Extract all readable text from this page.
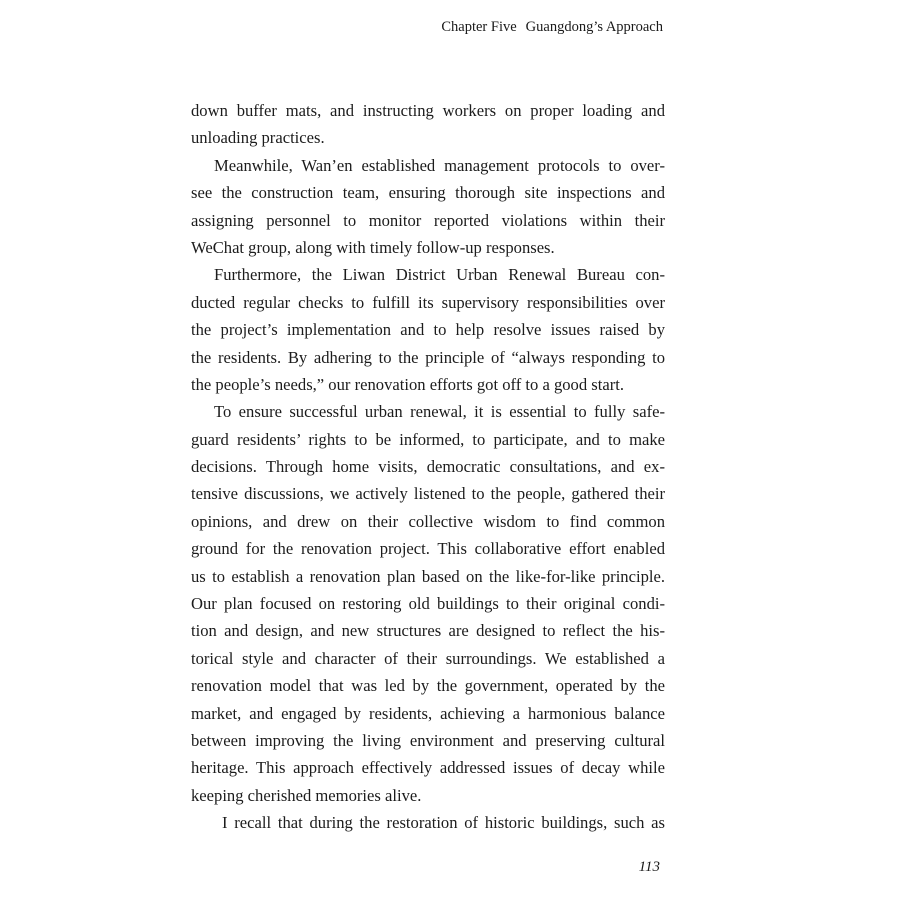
Chapter Five Guangdong’s Approach
down buffer mats, and instructing workers on proper loading and
unloading practices.
Meanwhile, Wan’en established management protocols to over-
see the construction team, ensuring thorough site inspections and
assigning personnel to monitor reported violations within their
WeChat group, along with timely follow-up responses.
Furthermore, the Liwan District Urban Renewal Bureau con-
ducted regular checks to fulfill its supervisory responsibilities over
the project’s implementation and to help resolve issues raised by
the residents. By adhering to the principle of “always responding to
the people’s needs,” our renovation efforts got off to a good start.
To ensure successful urban renewal, it is essential to fully safe-
guard residents’ rights to be informed, to participate, and to make
decisions. Through home visits, democratic consultations, and ex-
tensive discussions, we actively listened to the people, gathered their
opinions, and drew on their collective wisdom to find common
ground for the renovation project. This collaborative effort enabled
us to establish a renovation plan based on the like-for-like principle.
Our plan focused on restoring old buildings to their original condi-
tion and design, and new structures are designed to reflect the his-
torical style and character of their surroundings. We established a
renovation model that was led by the government, operated by the
market, and engaged by residents, achieving a harmonious balance
between improving the living environment and preserving cultural
heritage. This approach effectively addressed issues of decay while
keeping cherished memories alive.
I recall that during the restoration of historic buildings, such as
113
